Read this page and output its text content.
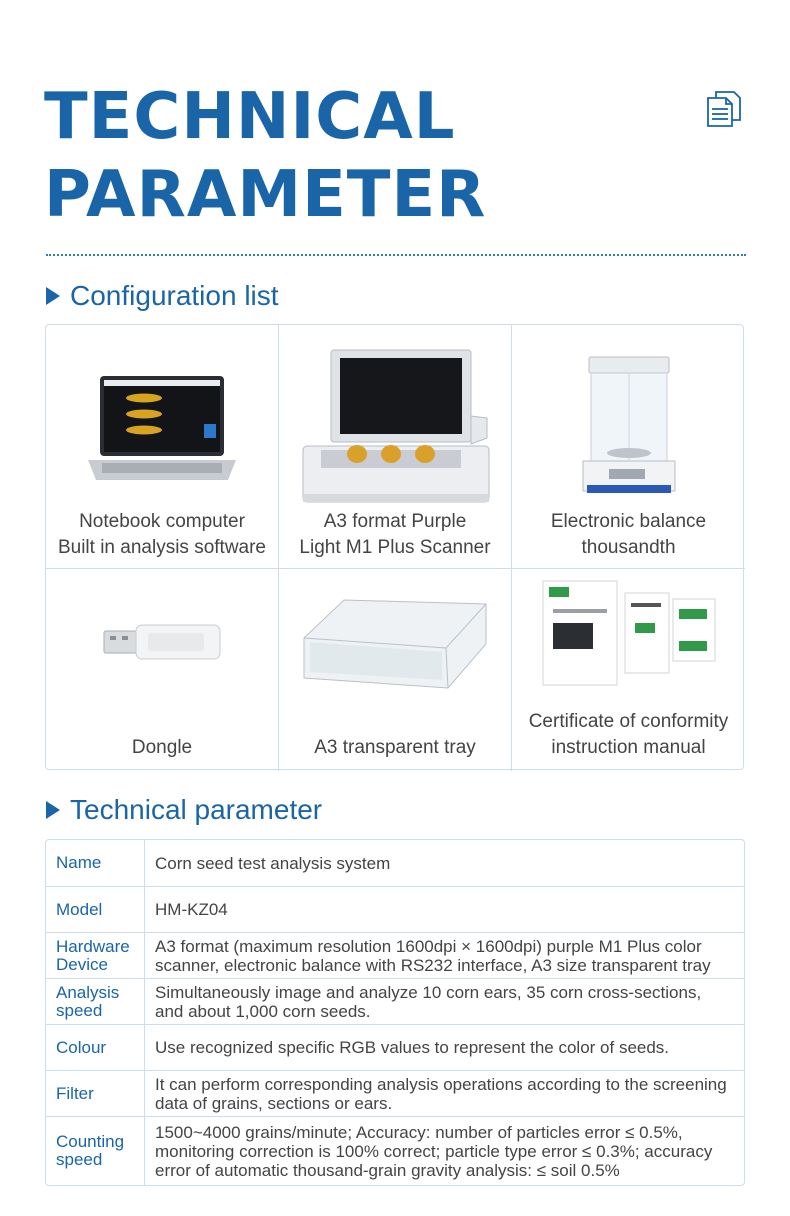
TECHNICAL
PARAMETER
Configuration list
Notebook computer
Built in analysis software
A3 format Purple
Light M1 Plus Scanner
Electronic balance
thousandth
Dongle	A3 transparent tray
Certificate of conformity
instruction manual
Technical parameter
Name	Corn seed test analysis system
Model	HM-KZ04
Hardware Device	A3 format (maximum resolution 1600dpi × 1600dpi) purple M1 Plus color scanner, electronic balance with RS232 interface, A3 size transparent tray
Analysis speed	Simultaneously image and analyze 10 corn ears, 35 corn cross-sections, and about 1,000 corn seeds.
Colour	Use recognized specific RGB values to represent the color of seeds.
Filter	It can perform corresponding analysis operations according to the screening data of grains, sections or ears.
Counting speed	1500~4000 grains/minute; Accuracy: number of particles error ≤ 0.5%, monitoring correction is 100% correct; particle type error ≤ 0.3%; accuracy error of automatic thousand-grain gravity analysis: ≤ soil 0.5%
